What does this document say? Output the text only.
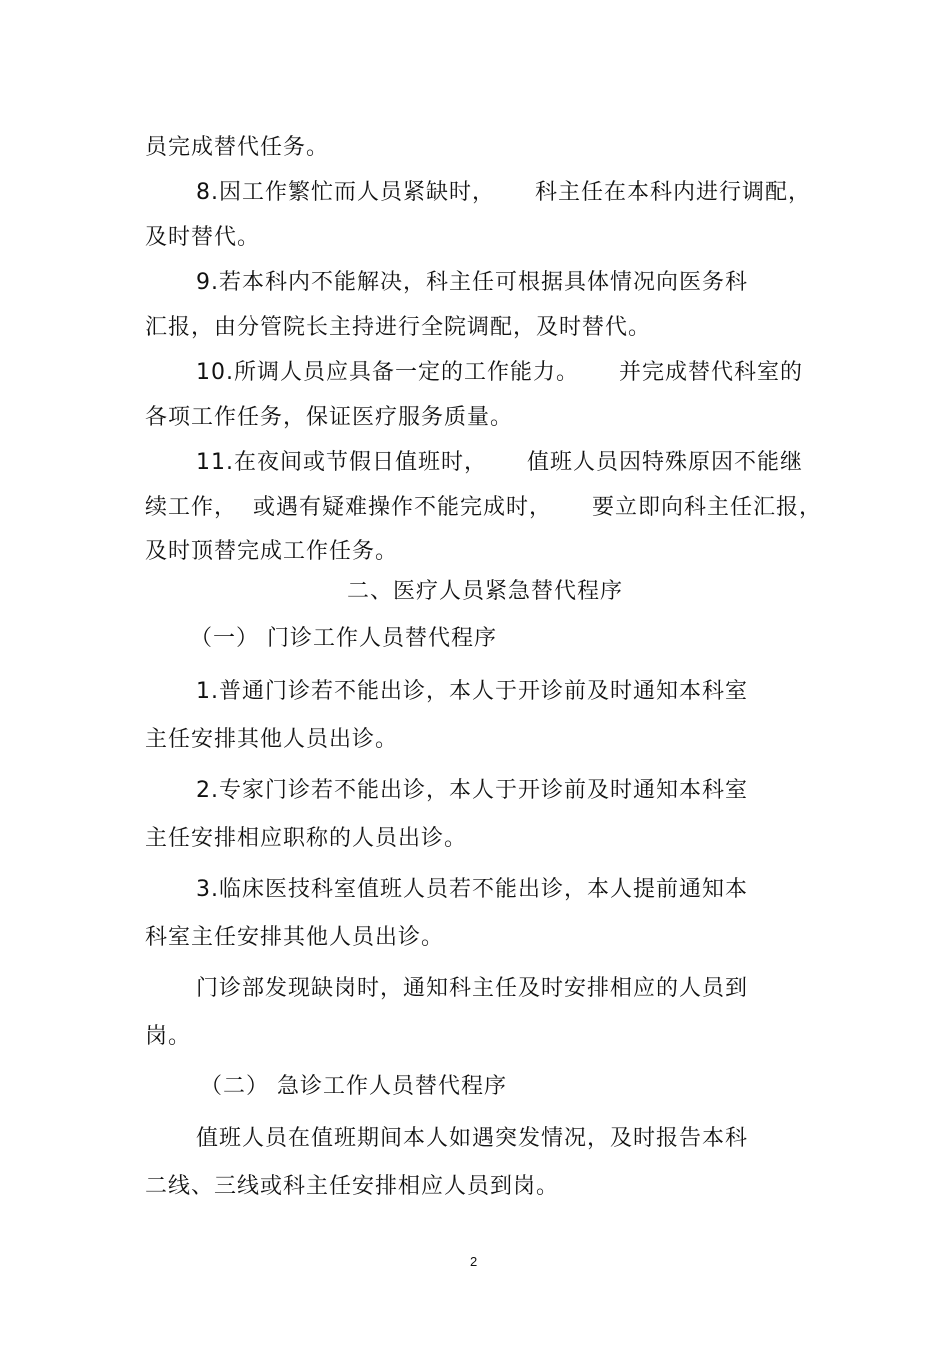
员完成替代任务。
8.因工作繁忙而人员紧缺时，     科主任在本科内进行调配，
及时替代。
9.若本科内不能解决，科主任可根据具体情况向医务科
汇报，由分管院长主持进行全院调配，及时替代。
10.所调人员应具备一定的工作能力。     并完成替代科室的
各项工作任务，保证医疗服务质量。
11.在夜间或节假日值班时，     值班人员因特殊原因不能继
续工作，  或遇有疑难操作不能完成时，     要立即向科主任汇报，
及时顶替完成工作任务。
二、医疗人员紧急替代程序
（一） 门诊工作人员替代程序
1.普通门诊若不能出诊，本人于开诊前及时通知本科室
主任安排其他人员出诊。
2.专家门诊若不能出诊，本人于开诊前及时通知本科室
主任安排相应职称的人员出诊。
3.临床医技科室值班人员若不能出诊，本人提前通知本
科室主任安排其他人员出诊。
门诊部发现缺岗时，通知科主任及时安排相应的人员到
岗。
（二） 急诊工作人员替代程序
值班人员在值班期间本人如遇突发情况，及时报告本科
二线、三线或科主任安排相应人员到岗。
2
